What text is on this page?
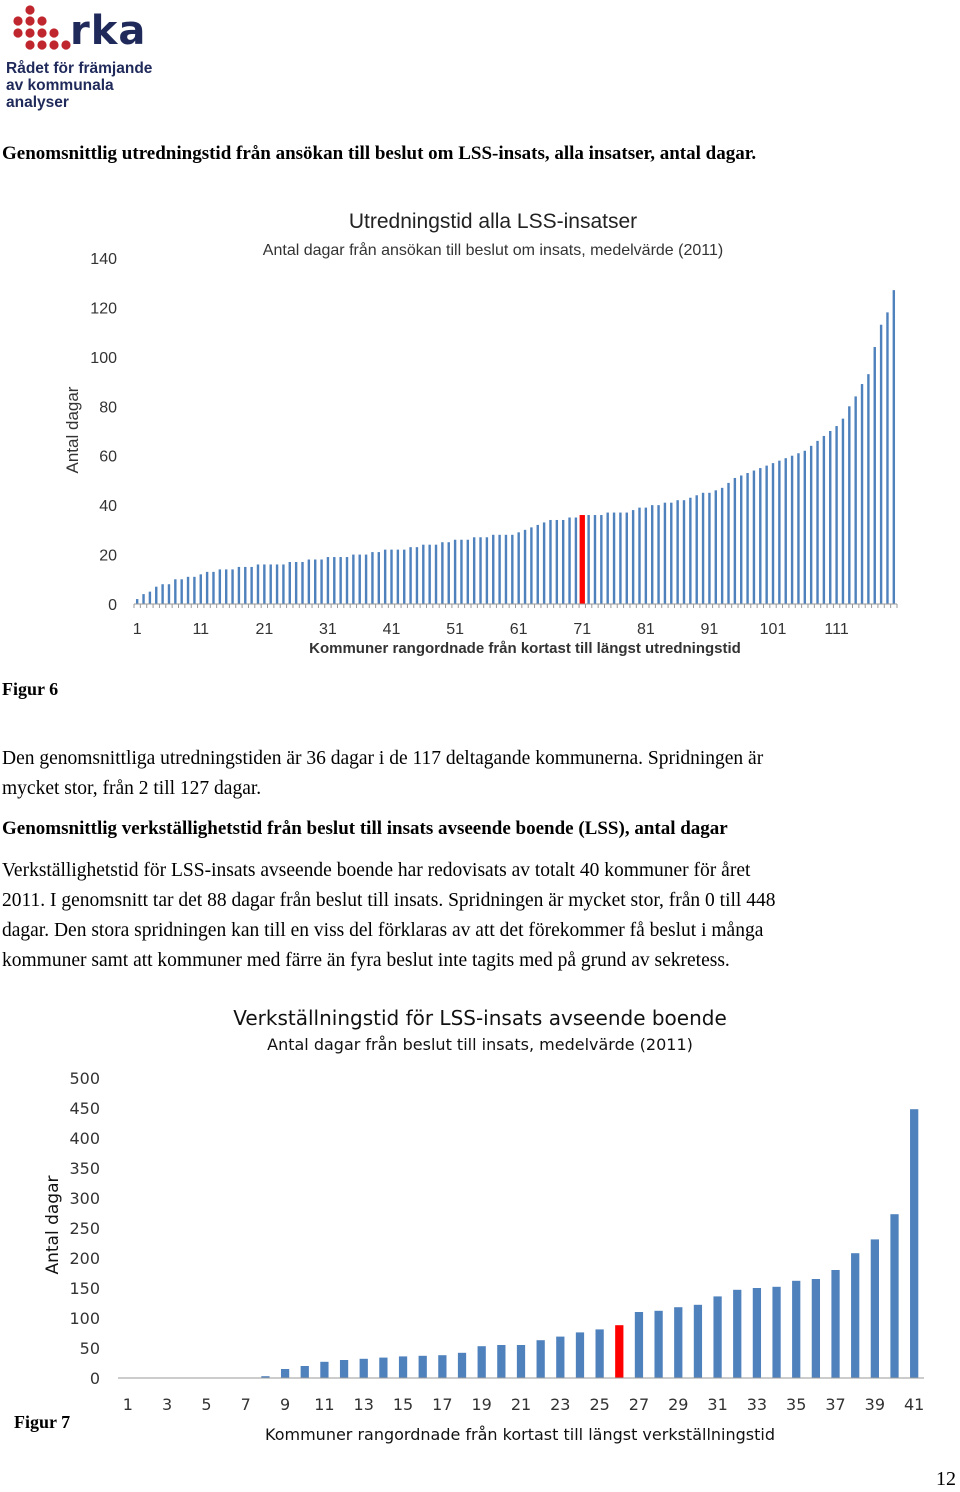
rka
Rådet för främjande
av kommunala analyser
Genomsnittlig utredningstid från ansökan till beslut om LSS-insats, alla insatser, antal dagar.
Utredningstid alla LSS-insatser
Antal dagar från ansökan till beslut om insats, medelvärde (2011)
Antal dagar
Kommuner rangordnade från kortast till längst utredningstid
0
20
40
60
80
100
120
140
1	11	21	31	41	51	61	71	81	91	101 111
Figur 6
Den genomsnittliga utredningstiden är 36 dagar i de 117 deltagande kommunerna. Spridningen är
mycket stor, från 2 till 127 dagar.
Genomsnittlig verkställighetstid från beslut till insats avseende boende (LSS), antal dagar
Verkställighetstid för LSS-insats avseende boende har redovisats av totalt 40 kommuner för året
2011. I genomsnitt tar det 88 dagar från beslut till insats. Spridningen är mycket stor, från 0 till 448
dagar. Den stora spridningen kan till en viss del förklaras av att det förekommer få beslut i många
kommuner samt att kommuner med färre än fyra beslut inte tagits med på grund av sekretess.
Verkställningstid för LSS-insats avseende boende
Antal dagar från beslut till insats, medelvärde (2011)
Antal dagar
Kommuner rangordnade från kortast till längst verkställningstid
0
50
100
150
200
250
300
350
400
450
500
1 3 5 7 9 11 13 15 17 19 21 23 25 27 29 31 33 35 37 39 41
Figur 7
12
